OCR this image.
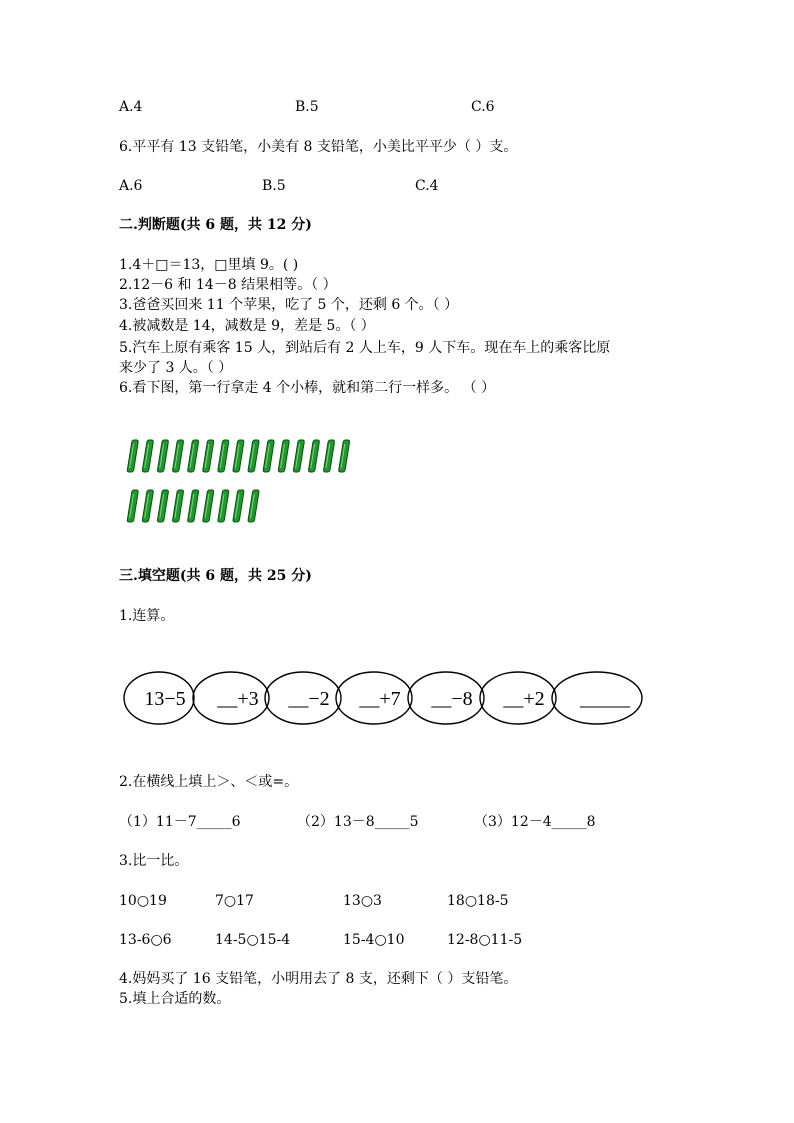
A.4	B.5	C.6
6.平平有 13 支铅笔，小美有 8 支铅笔，小美比平平少（ ）支。
A.6	B.5	C.4
二.判断题(共 6 题，共 12 分)
1.4＋□＝13，□里填 9。( )
2.12－6 和 14－8 结果相等。（ ）
3.爸爸买回来 11 个苹果，吃了 5 个，还剩 6 个。（ ）
4.被减数是 14，减数是 9，差是 5。（ ）
5.汽车上原有乘客 15 人，到站后有 2 人上车，9 人下车。现在车上的乘客比原
来少了 3 人。（ ）
6.看下图，第一行拿走 4 个小棒，就和第二行一样多。 （ ）
三.填空题(共 6 题，共 25 分)
1.连算。
13−5 __+3 __−2 __+7 __−8 __+2 _____
2.在横线上填上＞、＜或=。
（1）11－7_____6	（2）13－8_____5	（3）12－4_____8
3.比一比。
10○19	7○17	13○3	18○18-5
13-6○6	14-5○15-4	15-4○10	12-8○11-5
4.妈妈买了 16 支铅笔，小明用去了 8 支，还剩下（ ）支铅笔。
5.填上合适的数。
